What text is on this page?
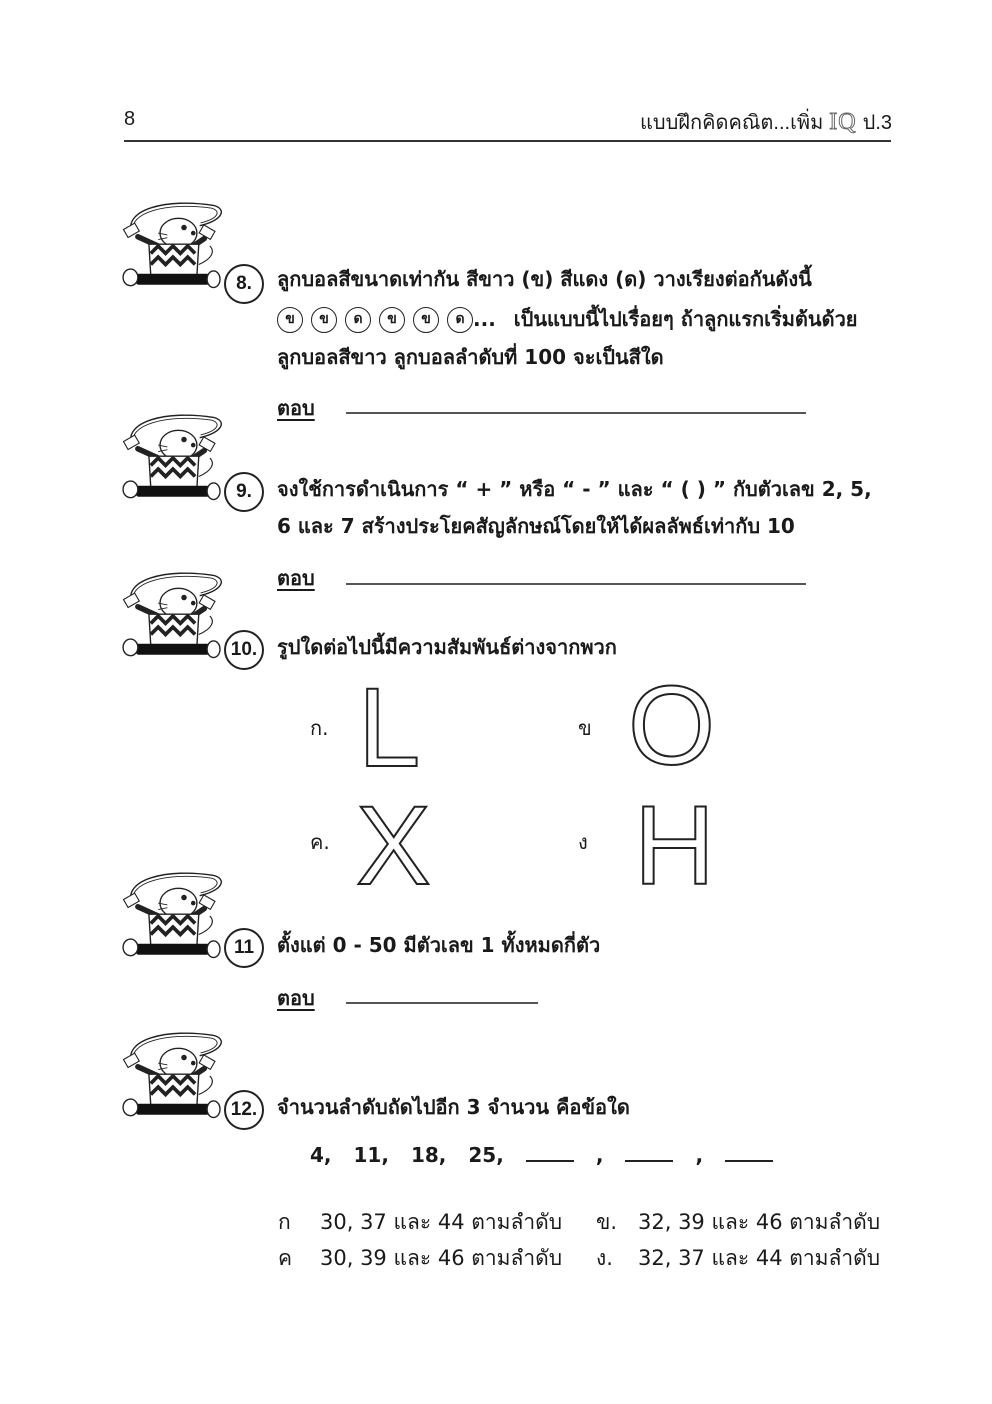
8	แบบฝึกคิดคณิต...เพิ่ม IQ ป.3
8.	ลูกบอลสีขนาดเท่ากัน สีขาว (ข) สีแดง (ด) วางเรียงต่อกันดังนี้
ข	ข	ด	ข	ข	ด ... เป็นแบบนี้ไปเรื่อยๆ ถ้าลูกแรกเริ่มต้นด้วย
ลูกบอลสีขาว ลูกบอลลำดับที่ 100 จะเป็นสีใด
ตอบ
9.	จงใช้การดำเนินการ “ + ” หรือ “ - ” และ “ ( ) ” กับตัวเลข 2, 5,
6 และ 7 สร้างประโยคสัญลักษณ์โดยให้ได้ผลลัพธ์เท่ากับ 10
ตอบ
10. รูปใดต่อไปนี้มีความสัมพันธ์ต่างจากพวก
ก. L	ข O
ค. X	ง H
11	ตั้งแต่ 0 - 50 มีตัวเลข 1 ทั้งหมดกี่ตัว
ตอบ
12. จำนวนลำดับถัดไปอีก 3 จำนวน คือข้อใด
4, 11, 18, 25,	,	,
ก 30, 37 และ 44 ตามลำดับ ข. 32, 39 และ 46 ตามลำดับ
ค 30, 39 และ 46 ตามลำดับ ง. 32, 37 และ 44 ตามลำดับ
